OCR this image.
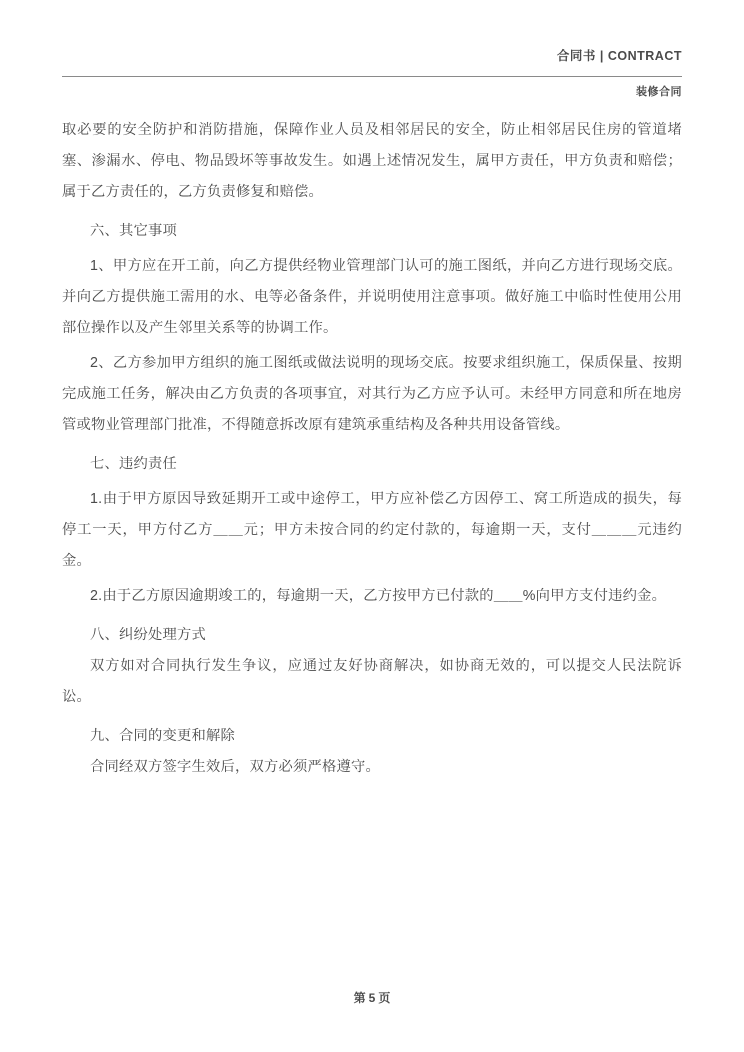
合同书 | CONTRACT
装修合同

取必要的安全防护和消防措施，保障作业人员及相邻居民的安全，防止相邻居民住房的管道堵塞、渗漏水、停电、物品毁坏等事故发生。如遇上述情况发生，属甲方责任，甲方负责和赔偿；属于乙方责任的，乙方负责修复和赔偿。

六、其它事项

1、甲方应在开工前，向乙方提供经物业管理部门认可的施工图纸，并向乙方进行现场交底。并向乙方提供施工需用的水、电等必备条件，并说明使用注意事项。做好施工中临时性使用公用部位操作以及产生邻里关系等的协调工作。

2、乙方参加甲方组织的施工图纸或做法说明的现场交底。按要求组织施工，保质保量、按期完成施工任务，解决由乙方负责的各项事宜，对其行为乙方应予认可。未经甲方同意和所在地房管或物业管理部门批准，不得随意拆改原有建筑承重结构及各种共用设备管线。

七、违约责任

1.由于甲方原因导致延期开工或中途停工，甲方应补偿乙方因停工、窝工所造成的损失，每停工一天，甲方付乙方＿＿元；甲方未按合同的约定付款的，每逾期一天，支付＿＿＿元违约金。

2.由于乙方原因逾期竣工的，每逾期一天，乙方按甲方已付款的＿＿%向甲方支付违约金。

八、纠纷处理方式

双方如对合同执行发生争议，应通过友好协商解决，如协商无效的，可以提交人民法院诉讼。

九、合同的变更和解除

合同经双方签字生效后，双方必须严格遵守。

第 5 页
